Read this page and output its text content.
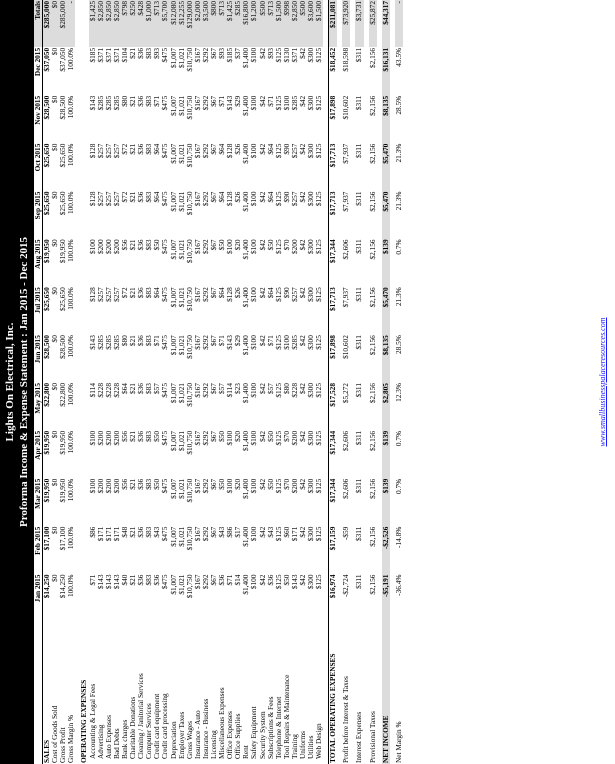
Lights On Electrical, Inc. Proforma Income & Expense Statement : Jan 2015 - Dec 2015
	Jan 2015	Feb 2015	Mar 2015	Apr 2015	May 2015	Jun 2015	Jul 2015	Aug 2015	Sep 2015	Oct 2015	Nov 2015	Dec 2015	Totals
SALES	$14,250	$17,100	$19,950	$19,950	$22,800	$28,500	$25,650	$19,950	$25,650	$25,650	$28,500	$37,050	$285,000
Cost of Goods Sold	$0	$0	$0	$0	$0	$0	$0	$0	$0	$0	$0	$0	$0
Gross Profit	$14,250	$17,100	$19,950	$19,950	$22,800	$28,500	$25,650	$19,950	$25,650	$25,650	$28,500	$37,050	$285,000
Gross Margin %	100.0%	100.0%	100.0%	100.0%	100.0%	100.0%	100.0%	100.0%	100.0%	100.0%	100.0%	100.0%	-

OPERATING EXPENSES													
Accounting & Legal Fees	$71	$86	$100	$100	$114	$143	$128	$100	$128	$128	$143	$185	$1,425
Advertising	$143	$171	$200	$200	$228	$285	$257	$200	$257	$257	$285	$371	$2,850
Auto Expenses	$143	$171	$200	$200	$228	$285	$257	$200	$257	$257	$285	$371	$2,850
Bad Debts	$143	$171	$200	$200	$228	$285	$257	$200	$257	$257	$285	$371	$2,850
Bank charges	$40	$48	$56	$56	$64	$80	$72	$56	$72	$72	$80	$104	$798
Charitable Donations	$21	$21	$21	$21	$21	$21	$21	$21	$21	$21	$21	$21	$250
Cleaning / Janitorial Services	$36	$36	$36	$36	$36	$36	$36	$36	$36	$36	$36	$36	$428
Computer Services	$83	$83	$83	$83	$83	$83	$83	$83	$83	$83	$83	$83	$1,000
Credit card equipment	$36	$43	$50	$50	$57	$71	$64	$50	$64	$64	$71	$93	$713
Credit card processing	$475	$475	$475	$475	$475	$475	$475	$475	$475	$475	$475	$475	$5,700
Depreciation	$1,007	$1,007	$1,007	$1,007	$1,007	$1,007	$1,007	$1,007	$1,007	$1,007	$1,007	$1,007	$12,080
Employer Taxes	$1,021	$1,021	$1,021	$1,021	$1,021	$1,021	$1,021	$1,021	$1,021	$1,021	$1,021	$1,021	$12,255
Gross Wages	$10,750	$10,750	$10,750	$10,750	$10,750	$10,750	$10,750	$10,750	$10,750	$10,750	$10,750	$10,750	$129,000
Insurance - Auto	$167	$167	$167	$167	$167	$167	$167	$167	$167	$167	$167	$167	$2,000
Insurance - Business	$292	$292	$292	$292	$292	$292	$292	$292	$292	$292	$292	$292	$3,500
Licensing	$67	$67	$67	$67	$67	$67	$67	$67	$67	$67	$67	$67	$800
Miscellaneous Expenses	$36	$43	$50	$50	$57	$71	$64	$50	$64	$64	$71	$93	$713
Office Expenses	$71	$86	$100	$100	$114	$143	$128	$100	$128	$128	$143	$185	$1,425
Office Supplies	$14	$17	$20	$20	$23	$29	$26	$20	$26	$26	$29	$37	$285
Rent	$1,400	$1,400	$1,400	$1,400	$1,400	$1,400	$1,400	$1,400	$1,400	$1,400	$1,400	$1,400	$16,800
Safety Equipment	$100	$100	$100	$100	$100	$100	$100	$100	$100	$100	$100	$100	$1,200
Security System	$42	$42	$42	$42	$42	$42	$42	$42	$42	$42	$42	$42	$500
Subscriptions & Fees	$36	$43	$50	$50	$57	$71	$64	$50	$64	$64	$71	$93	$713
Telephone & Internet	$125	$125	$125	$125	$125	$125	$125	$125	$125	$125	$125	$125	$1,500
Tool Repairs & Maintenance	$50	$60	$70	$70	$80	$100	$90	$70	$90	$90	$100	$130	$998
Training	$143	$171	$200	$200	$228	$285	$257	$200	$257	$257	$285	$371	$2,850
Uniforms	$42	$42	$42	$42	$42	$42	$42	$42	$42	$42	$42	$42	$500
Utilities	$300	$300	$300	$300	$300	$300	$300	$300	$300	$300	$300	$300	$3,600
Web Design	$125	$125	$125	$125	$125	$125	$125	$125	$125	$125	$125	$125	$1,500

TOTAL OPERATING EXPENSES	$16,974	$17,159	$17,344	$17,344	$17,528	$17,898	$17,713	$17,344	$17,713	$17,713	$17,898	$18,452	$211,081

Profit before Interest & Taxes	-$2,724	-$59	$2,606	$2,606	$5,272	$10,602	$7,937	$2,606	$7,937	$7,937	$10,602	$18,598	$73,920

Interest Expenses	$311	$311	$311	$311	$311	$311	$311	$311	$311	$311	$311	$311	$3,731

Provisional Taxes	$2,156	$2,156	$2,156	$2,156	$2,156	$2,156	$2,156	$2,156	$2,156	$2,156	$2,156	$2,156	$25,872

NET INCOME	-$5,191	-$2,526	$139	$139	$2,805	$8,135	$5,470	$139	$5,470	$5,470	$8,135	$16,131	$44,317

Net Margin %	-36.4%	-14.8%	0.7%	0.7%	12.3%	28.5%	21.3%	0.7%	21.3%	21.3%	28.5%	43.5%	-
www.smallbusinesspalaceresources.com
